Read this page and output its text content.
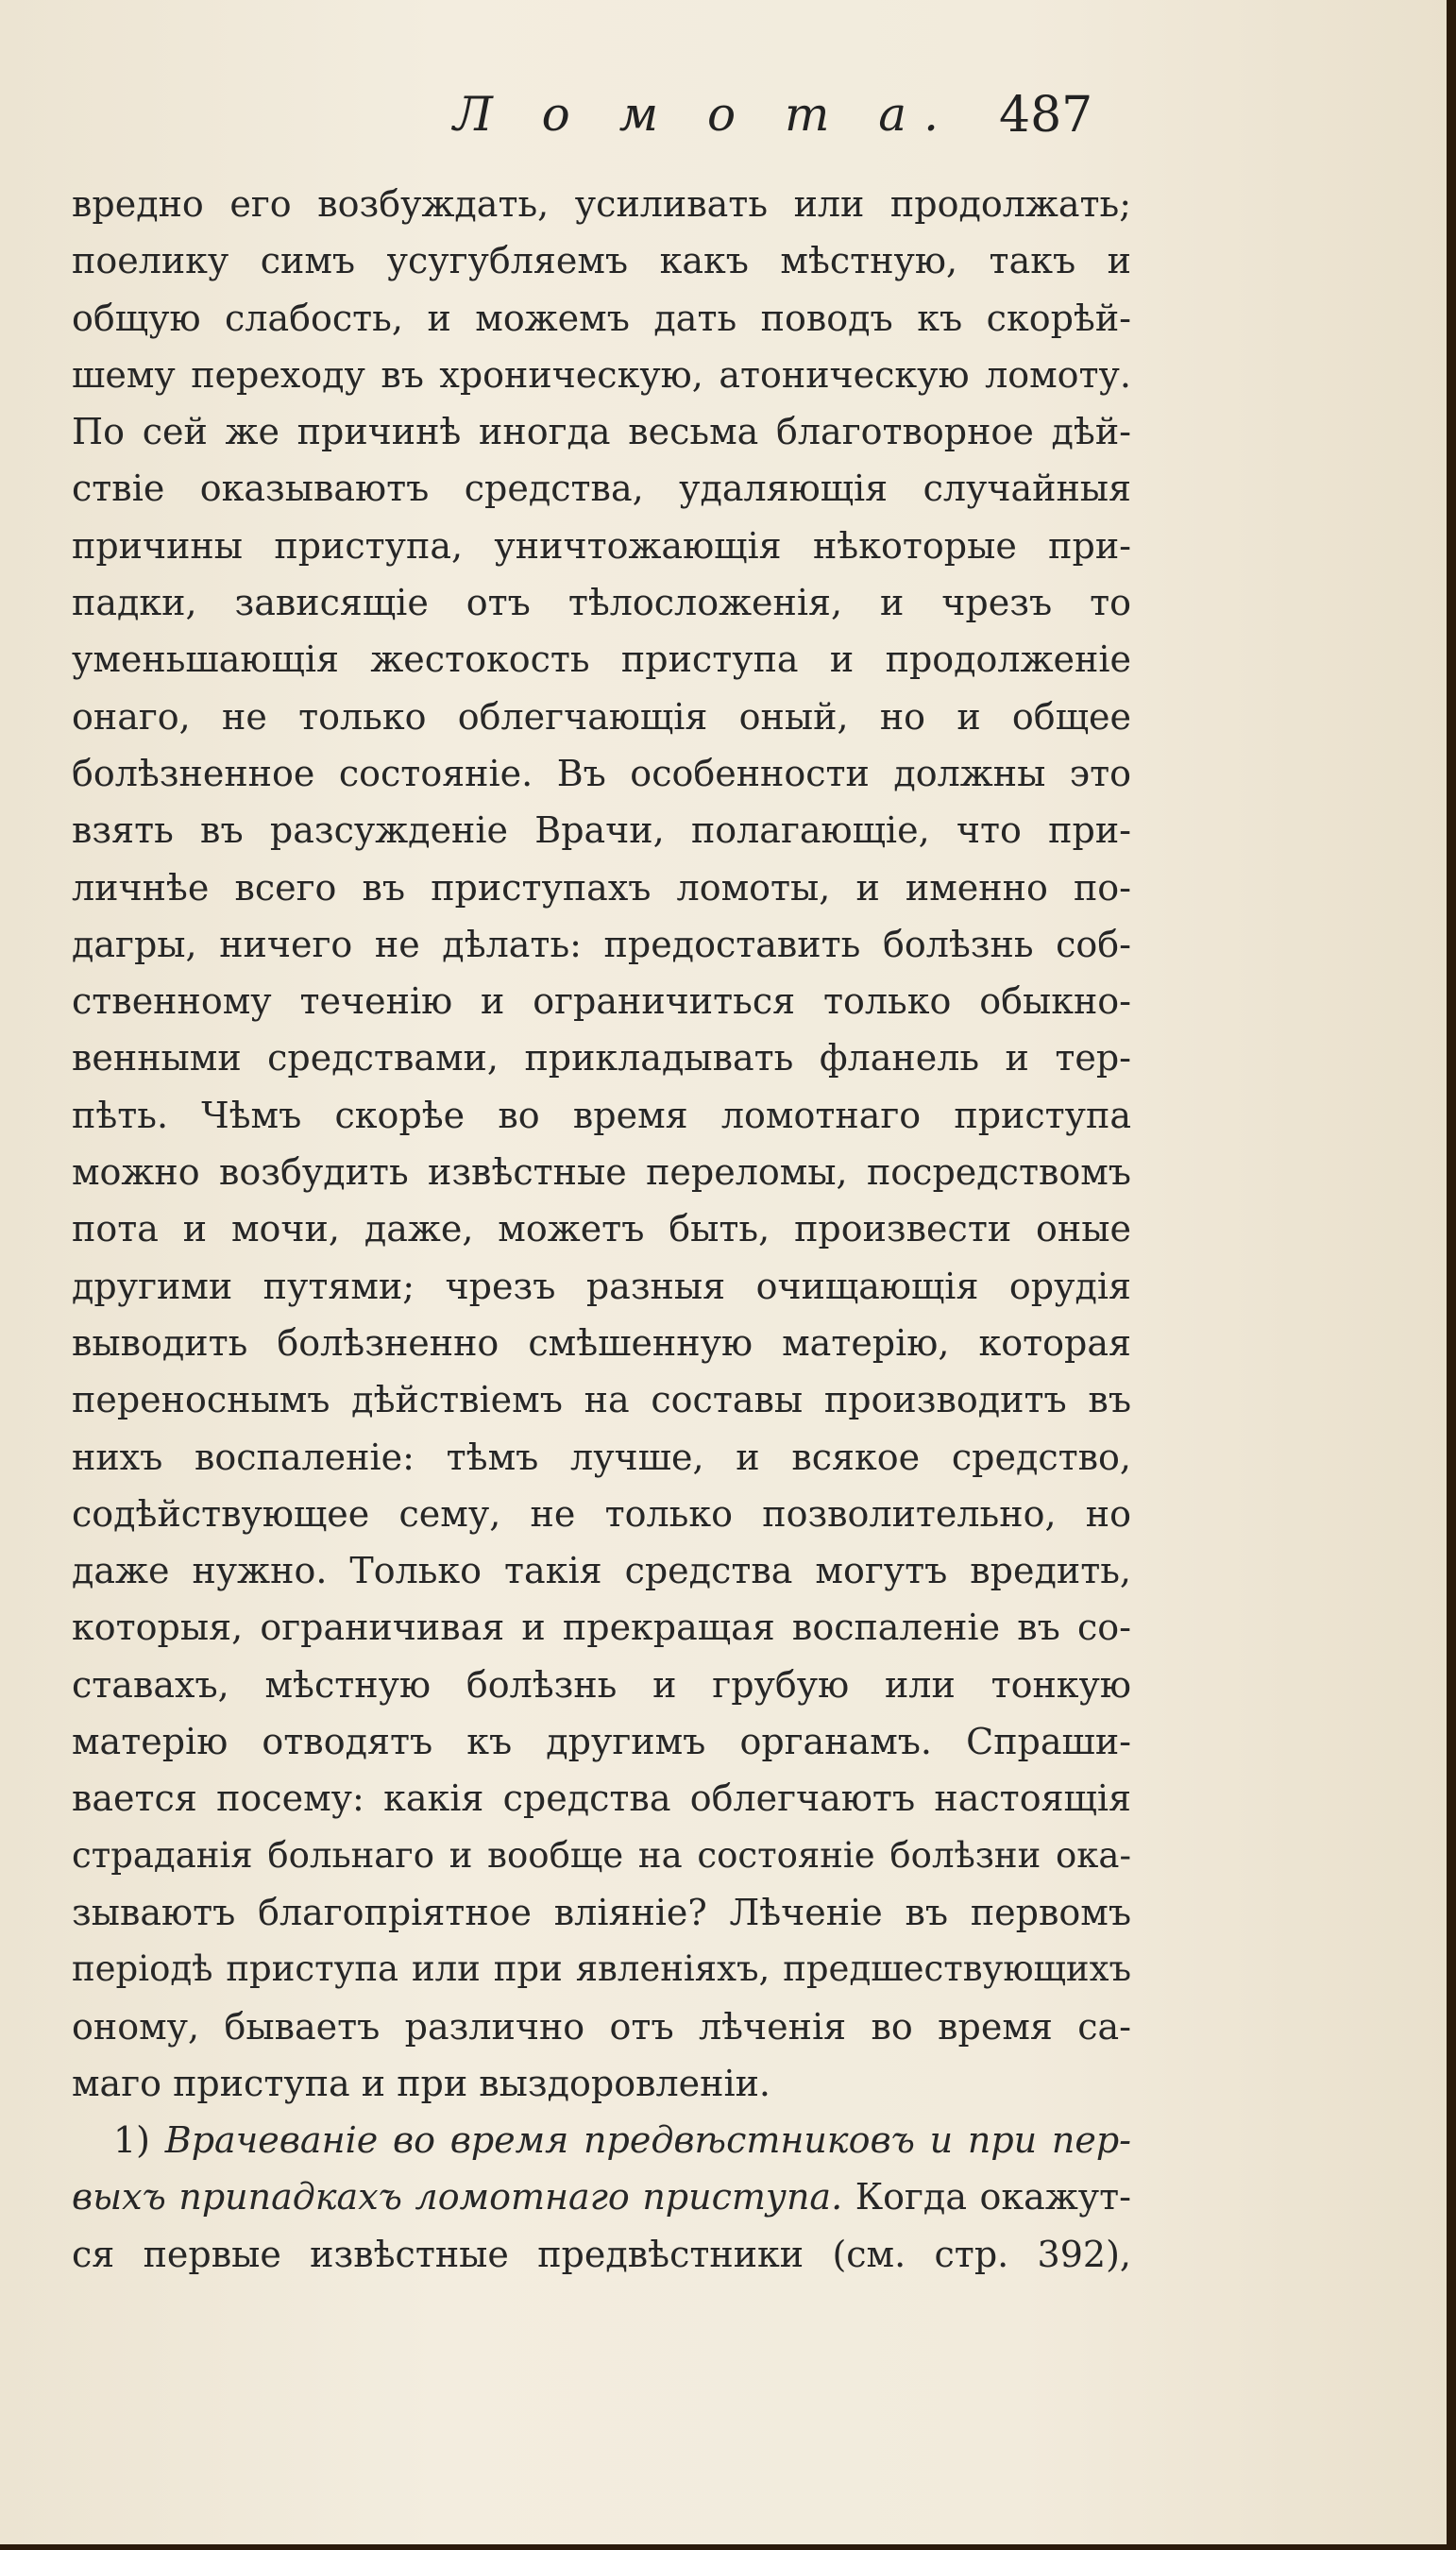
Л о м о т а. 487
вредно его возбуждать, усиливать или продолжать;
поелику симъ усугубляемъ какъ мѣстную, такъ и
общую слабость, и можемъ дать поводъ къ скорѣй-
шему переходу въ хроническую, атоническую ломоту.
По сей же причинѣ иногда весьма благотворное дѣй-
ствіе оказываютъ средства, удаляющія случайныя
причины приступа, уничтожающія нѣкоторые при-
падки, зависящіе отъ тѣлосложенія, и чрезъ то
уменьшающія жестокость приступа и продолженіе
онаго, не только облегчающія оный, но и общее
болѣзненное состояніе. Въ особенности должны это
взять въ разсужденіе Врачи, полагающіе, что при-
личнѣе всего въ приступахъ ломоты, и именно по-
дагры, ничего не дѣлать: предоставить болѣзнь соб-
ственному теченію и ограничиться только обыкно-
венными средствами, прикладывать фланель и тер-
пѣть. Чѣмъ скорѣе во время ломотнаго приступа
можно возбудить извѣстные переломы, посредствомъ
пота и мочи, даже, можетъ быть, произвести оные
другими путями; чрезъ разныя очищающія орудія
выводить болѣзненно смѣшенную матерію, которая
переноснымъ дѣйствіемъ на составы производитъ въ
нихъ воспаленіе: тѣмъ лучше, и всякое средство,
содѣйствующее сему, не только позволительно, но
даже нужно. Только такія средства могутъ вредить,
которыя, ограничивая и прекращая воспаленіе въ со-
ставахъ, мѣстную болѣзнь и грубую или тонкую
матерію отводятъ къ другимъ органамъ. Спраши-
вается посему: какія средства облегчаютъ настоящія
страданія больнаго и вообще на состояніе болѣзни ока-
зываютъ благопріятное вліяніе? Лѣченіе въ первомъ
періодѣ приступа или при явленіяхъ, предшествующихъ
оному, бываетъ различно отъ лѣченія во время са-
маго приступа и при выздоровленіи.
1) Врачеваніе во время предвѣстниковъ и при пер-
выхъ припадкахъ ломотнаго приступа. Когда окажут-
ся первые извѣстные предвѣстники (см. стр. 392),
